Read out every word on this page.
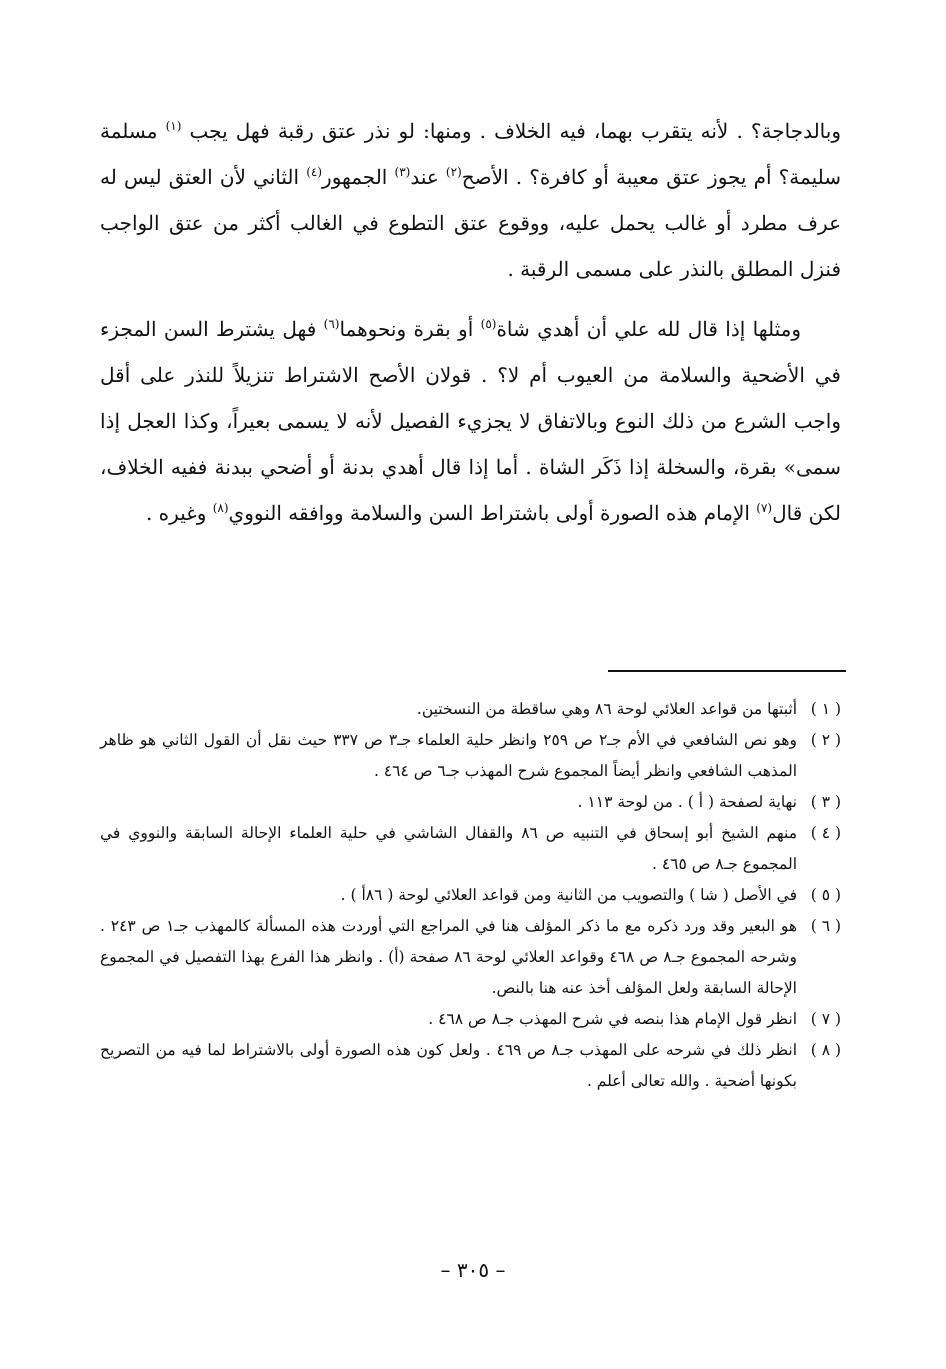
وبالدجاجة؟ . لأنه يتقرب بهما، فيه الخلاف . ومنها: لو نذر عتق رقبة فهل يجب $^{(١)}$ مسلمة سليمة؟ أم يجوز عتق معيبة أو كافرة؟ . الأصح$^{(٢)}$ عند$^{(٣)}$ الجمهور$^{(٤)}$ الثاني لأن العتق ليس له عرف مطرد أو غالب يحمل عليه، ووقوع عتق التطوع في الغالب أكثر من عتق الواجب فنزل المطلق بالنذر على مسمى الرقبة .

ومثلها إذا قال لله علي أن أهدي شاة$^{(٥)}$ أو بقرة ونحوهما$^{(٦)}$ فهل يشترط السن المجزء في الأضحية والسلامة من العيوب أم لا؟ . قولان الأصح الاشتراط تنزيلاً للنذر على أقل واجب الشرع من ذلك النوع وبالاتفاق لا يجزيء الفصيل لأنه لا يسمى بعيراً، وكذا العجل إذا سمى» بقرة، والسخلة إذا ذَكَر الشاة . أما إذا قال أهدي بدنة أو أضحي ببدنة ففيه الخلاف، لكن قال$^{(٧)}$ الإمام هذه الصورة أولى باشتراط السن والسلامة ووافقه النووي$^{(٨)}$ وغيره .

( ١ )
أثبتها من قواعد العلائي لوحة ٨٦ وهي ساقطة من النسختين.

( ٢ )
وهو نص الشافعي في الأم جـ٢ ص ٢٥٩ وانظر حلية العلماء جـ٣ ص ٣٣٧ حيث نقل أن القول الثاني هو ظاهر المذهب الشافعي وانظر أيضاً المجموع شرح المهذب جـ٦ ص ٤٦٤ .

( ٣ )
نهاية لصفحة ( أ ) . من لوحة ١١٣ .

( ٤ )
منهم الشيخ أبو إسحاق في التنبيه ص ٨٦ والقفال الشاشي في حلية العلماء الإحالة السابقة والنووي في المجموع جـ٨ ص ٤٦٥ .

( ٥ )
في الأصل ( شا ) والتصويب من الثانية ومن قواعد العلائي لوحة ( ٨٦أ ) .

( ٦ )
هو البعير وقد ورد ذكره مع ما ذكر المؤلف هنا في المراجع التي أوردت هذه المسألة كالمهذب جـ١ ص ٢٤٣ . وشرحه المجموع جـ٨ ص ٤٦٨ وقواعد العلائي لوحة ٨٦ صفحة (أ) . وانظر هذا الفرع بهذا التفصيل في المجموع الإحالة السابقة ولعل المؤلف أخذ عنه هنا بالنص.

( ٧ )
انظر قول الإمام هذا بنصه في شرح المهذب جـ٨ ص ٤٦٨ .

( ٨ )
انظر ذلك في شرحه على المهذب جـ٨ ص ٤٦٩ . ولعل كون هذه الصورة أولى بالاشتراط لما فيه من التصريح بكونها أضحية . والله تعالى أعلم .

– ٣٠٥ –
